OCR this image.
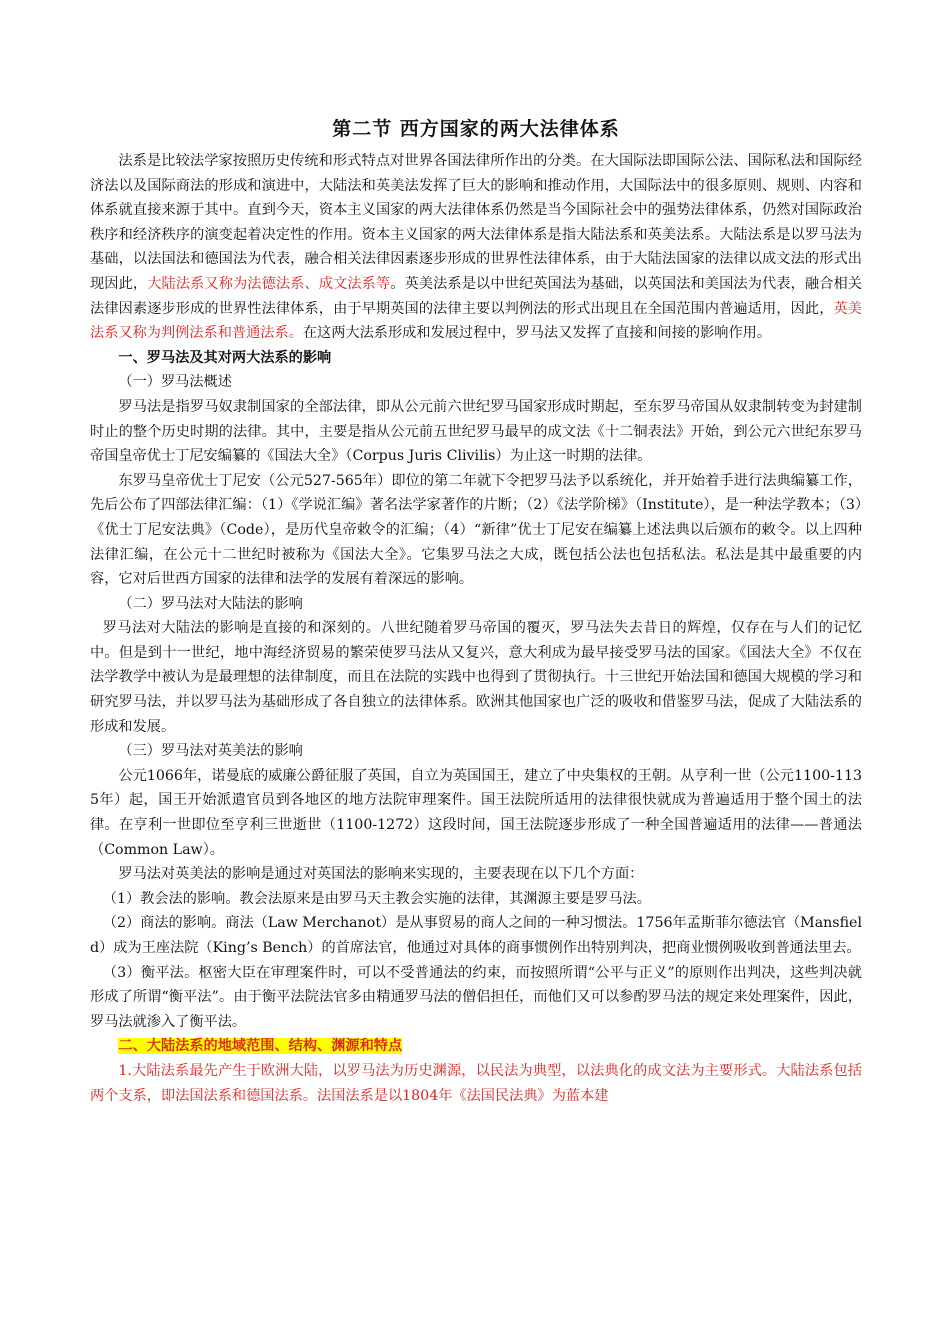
第二节 西方国家的两大法律体系

法系是比较法学家按照历史传统和形式特点对世界各国法律所作出的分类。在大国际法即国际公法、国际私法和国际经济法以及国际商法的形成和演进中，大陆法和英美法发挥了巨大的影响和推动作用，大国际法中的很多原则、规则、内容和体系就直接来源于其中。直到今天，资本主义国家的两大法律体系仍然是当今国际社会中的强势法律体系，仍然对国际政治秩序和经济秩序的演变起着决定性的作用。资本主义国家的两大法律体系是指大陆法系和英美法系。大陆法系是以罗马法为基础，以法国法和德国法为代表，融合相关法律因素逐步形成的世界性法律体系，由于大陆法国家的法律以成文法的形式出现因此，大陆法系又称为法德法系、成文法系等。英美法系是以中世纪英国法为基础，以英国法和美国法为代表，融合相关法律因素逐步形成的世界性法律体系，由于早期英国的法律主要以判例法的形式出现且在全国范围内普遍适用，因此，英美法系又称为判例法系和普通法系。在这两大法系形成和发展过程中，罗马法又发挥了直接和间接的影响作用。

一、罗马法及其对两大法系的影响

（一）罗马法概述

罗马法是指罗马奴隶制国家的全部法律，即从公元前六世纪罗马国家形成时期起，至东罗马帝国从奴隶制转变为封建制时止的整个历史时期的法律。其中，主要是指从公元前五世纪罗马最早的成文法《十二铜表法》开始，到公元六世纪东罗马帝国皇帝优士丁尼安编纂的《国法大全》（Corpus Juris Clivilis）为止这一时期的法律。

东罗马皇帝优士丁尼安（公元527-565年）即位的第二年就下令把罗马法予以系统化，并开始着手进行法典编纂工作，先后公布了四部法律汇编：（1）《学说汇编》著名法学家著作的片断；（2）《法学阶梯》（Institute），是一种法学教本；（3）《优士丁尼安法典》（Code），是历代皇帝敕令的汇编；（4）“新律”优士丁尼安在编纂上述法典以后颁布的敕令。以上四种法律汇编，在公元十二世纪时被称为《国法大全》。它集罗马法之大成，既包括公法也包括私法。私法是其中最重要的内容，它对后世西方国家的法律和法学的发展有着深远的影响。

（二）罗马法对大陆法的影响

罗马法对大陆法的影响是直接的和深刻的。八世纪随着罗马帝国的覆灭，罗马法失去昔日的辉煌，仅存在与人们的记忆中。但是到十一世纪，地中海经济贸易的繁荣使罗马法从又复兴，意大利成为最早接受罗马法的国家。《国法大全》不仅在法学教学中被认为是最理想的法律制度，而且在法院的实践中也得到了贯彻执行。十三世纪开始法国和德国大规模的学习和研究罗马法，并以罗马法为基础形成了各自独立的法律体系。欧洲其他国家也广泛的吸收和借鉴罗马法，促成了大陆法系的形成和发展。

（三）罗马法对英美法的影响

公元1066年，诺曼底的威廉公爵征服了英国，自立为英国国王，建立了中央集权的王朝。从亨利一世（公元1100-1135年）起，国王开始派遣官员到各地区的地方法院审理案件。国王法院所适用的法律很快就成为普遍适用于整个国土的法律。在亨利一世即位至亨利三世逝世（1100-1272）这段时间，国王法院逐步形成了一种全国普遍适用的法律——普通法（Common Law）。

罗马法对英美法的影响是通过对英国法的影响来实现的，主要表现在以下几个方面：

（1）教会法的影响。教会法原来是由罗马天主教会实施的法律，其渊源主要是罗马法。

（2）商法的影响。商法（Law Merchanot）是从事贸易的商人之间的一种习惯法。1756年孟斯菲尔德法官（Mansfield）成为王座法院（King’s Bench）的首席法官，他通过对具体的商事惯例作出特别判决，把商业惯例吸收到普通法里去。

（3）衡平法。枢密大臣在审理案件时，可以不受普通法的约束，而按照所谓“公平与正义”的原则作出判决，这些判决就形成了所谓“衡平法”。由于衡平法院法官多由精通罗马法的僧侣担任，而他们又可以参酌罗马法的规定来处理案件，因此，罗马法就渗入了衡平法。

二、大陆法系的地域范围、结构、渊源和特点

1.大陆法系最先产生于欧洲大陆，以罗马法为历史渊源，以民法为典型，以法典化的成文法为主要形式。大陆法系包括两个支系，即法国法系和德国法系。法国法系是以1804年《法国民法典》为蓝本建
